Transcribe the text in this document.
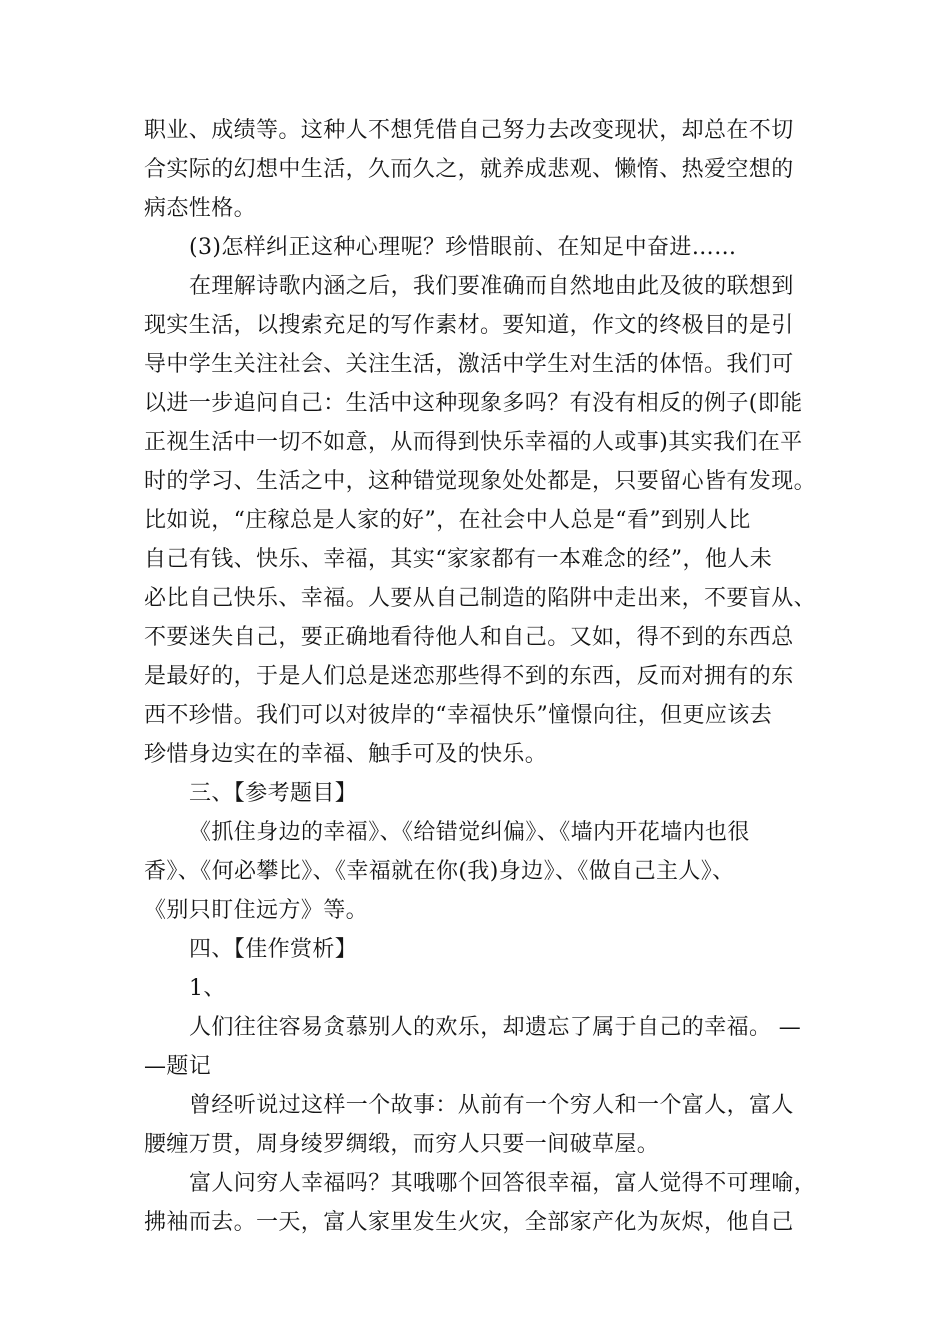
职业、成绩等。这种人不想凭借自己努力去改变现状，却总在不切
合实际的幻想中生活，久而久之，就养成悲观、懒惰、热爱空想的
病态性格。
(3)怎样纠正这种心理呢？珍惜眼前、在知足中奋进……
在理解诗歌内涵之后，我们要准确而自然地由此及彼的联想到
现实生活，以搜索充足的写作素材。要知道，作文的终极目的是引
导中学生关注社会、关注生活，激活中学生对生活的体悟。我们可
以进一步追问自己：生活中这种现象多吗？有没有相反的例子(即能
正视生活中一切不如意，从而得到快乐幸福的人或事)其实我们在平
时的学习、生活之中，这种错觉现象处处都是，只要留心皆有发现。
比如说，“庄稼总是人家的好”，在社会中人总是“看”到别人比
自己有钱、快乐、幸福，其实“家家都有一本难念的经”，他人未
必比自己快乐、幸福。人要从自己制造的陷阱中走出来，不要盲从、
不要迷失自己，要正确地看待他人和自己。又如，得不到的东西总
是最好的，于是人们总是迷恋那些得不到的东西，反而对拥有的东
西不珍惜。我们可以对彼岸的“幸福快乐”憧憬向往，但更应该去
珍惜身边实在的幸福、触手可及的快乐。
三、【参考题目】
《抓住身边的幸福》、《给错觉纠偏》、《墙内开花墙内也很
香》、《何必攀比》、《幸福就在你(我)身边》、《做自己主人》、
《别只盯住远方》等。
四、【佳作赏析】
1、
人们往往容易贪慕别人的欢乐，却遗忘了属于自己的幸福。 —
—题记
曾经听说过这样一个故事：从前有一个穷人和一个富人，富人
腰缠万贯，周身绫罗绸缎，而穷人只要一间破草屋。
富人问穷人幸福吗？其哦哪个回答很幸福，富人觉得不可理喻，
拂袖而去。一天，富人家里发生火灾，全部家产化为灰烬，他自己
